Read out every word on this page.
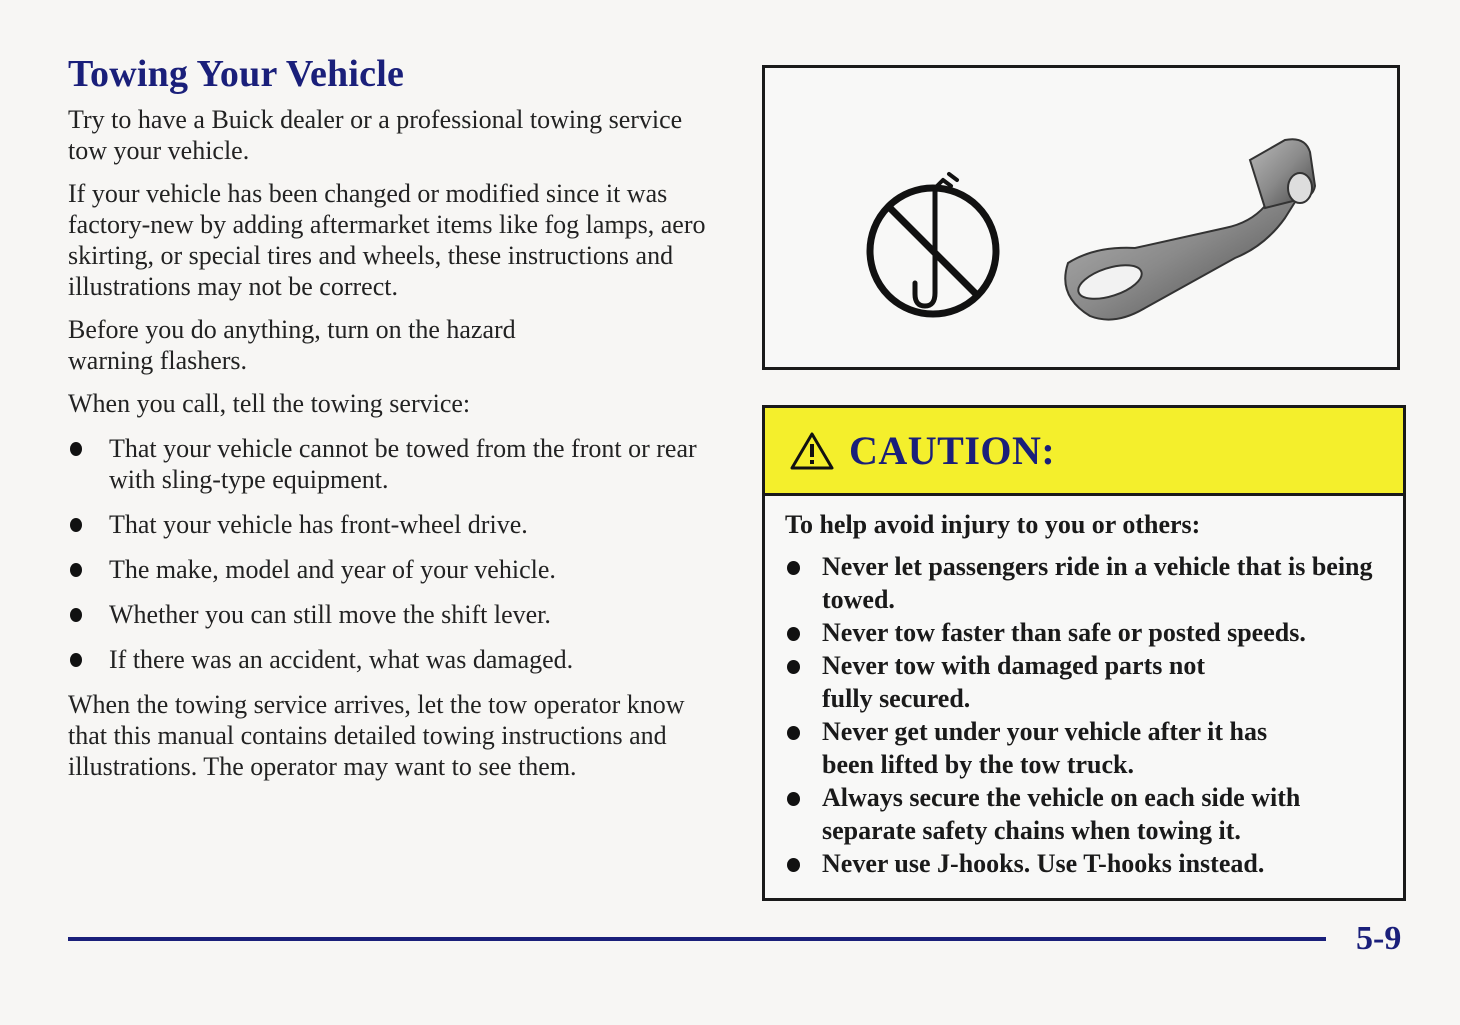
Towing Your Vehicle

Try to have a Buick dealer or a professional towing service tow your vehicle.

If your vehicle has been changed or modified since it was factory-new by adding aftermarket items like fog lamps, aero skirting, or special tires and wheels, these instructions and illustrations may not be correct.

Before you do anything, turn on the hazard warning flashers.

When you call, tell the towing service:

That your vehicle cannot be towed from the front or rear with sling-type equipment.
That your vehicle has front-wheel drive.
The make, model and year of your vehicle.
Whether you can still move the shift lever.
If there was an accident, what was damaged.

When the towing service arrives, let the tow operator know that this manual contains detailed towing instructions and illustrations. The operator may want to see them.

CAUTION:

To help avoid injury to you or others:

Never let passengers ride in a vehicle that is being towed.
Never tow faster than safe or posted speeds.
Never tow with damaged parts not fully secured.
Never get under your vehicle after it has been lifted by the tow truck.
Always secure the vehicle on each side with separate safety chains when towing it.
Never use J-hooks. Use T-hooks instead.
5-9
